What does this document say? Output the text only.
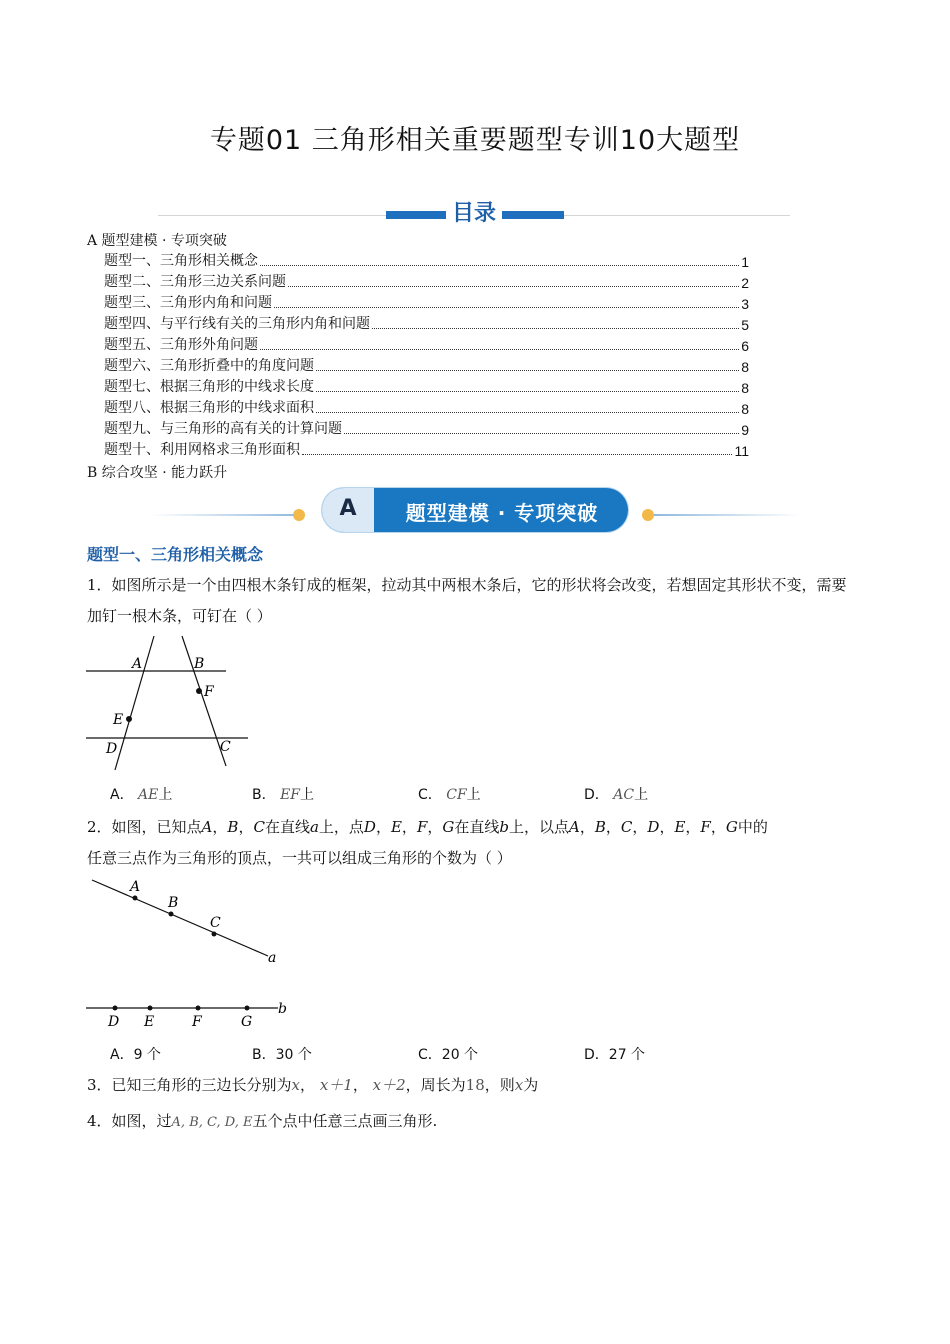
专题01 三角形相关重要题型专训10大题型
目录
A 题型建模 · 专项突破
题型一、三角形相关概念	1
题型二、三角形三边关系问题	2
题型三、三角形内角和问题	3
题型四、与平行线有关的三角形内角和问题	5
题型五、三角形外角问题	6
题型六、三角形折叠中的角度问题	8
题型七、根据三角形的中线求长度	8
题型八、根据三角形的中线求面积	8
题型九、与三角形的高有关的计算问题	9
题型十、利用网格求三角形面积	11
B 综合攻坚 · 能力跃升
A	题型建模 · 专项突破
题型一、三角形相关概念
1．如图所示是一个由四根木条钉成的框架，拉动其中两根木条后，它的形状将会改变，若想固定其形状不变，需要加钉一根木条，可钉在（ ）
A	B
F
E
D	C
A． AE上	B． EF上	C． CF上	D． AC上
2．如图，已知点A，B，C在直线a上，点D，E，F，G在直线b上，以点A，B，C，D，E，F，G中的
任意三点作为三角形的顶点，一共可以组成三角形的个数为（ ）
A
B
C
a
D E	F	G
b
A．9 个	B．30 个	C．20 个	D．27 个
3．已知三角形的三边长分别为x， x＋1， x＋2，周长为18，则x为
4．如图，过A, B, C, D, E五个点中任意三点画三角形.
